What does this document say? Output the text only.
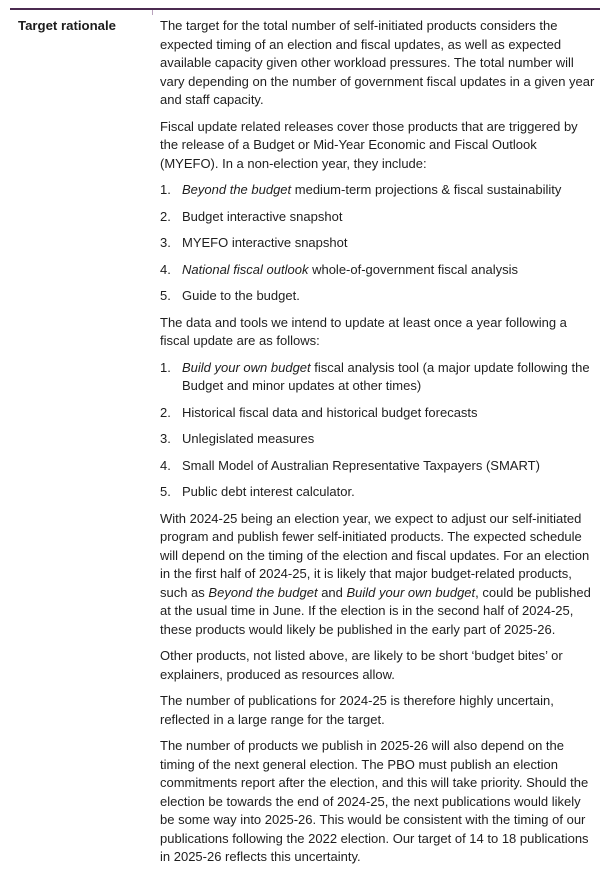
Target rationale	The target for the total number of self-initiated products considers the expected timing of an election and fiscal updates, as well as expected available capacity given other workload pressures. The total number will vary depending on the number of government fiscal updates in a given year and staff capacity.

Fiscal update related releases cover those products that are triggered by the release of a Budget or Mid-Year Economic and Fiscal Outlook (MYEFO). In a non-election year, they include:

1. Beyond the budget medium-term projections & fiscal sustainability
2. Budget interactive snapshot
3. MYEFO interactive snapshot
4. National fiscal outlook whole-of-government fiscal analysis
5. Guide to the budget.

The data and tools we intend to update at least once a year following a fiscal update are as follows:

1. Build your own budget fiscal analysis tool (a major update following the Budget and minor updates at other times)
2. Historical fiscal data and historical budget forecasts
3. Unlegislated measures
4. Small Model of Australian Representative Taxpayers (SMART)
5. Public debt interest calculator.

With 2024-25 being an election year, we expect to adjust our self-initiated program and publish fewer self-initiated products. The expected schedule will depend on the timing of the election and fiscal updates. For an election in the first half of 2024-25, it is likely that major budget-related products, such as Beyond the budget and Build your own budget, could be published at the usual time in June. If the election is in the second half of 2024-25, these products would likely be published in the early part of 2025-26.

Other products, not listed above, are likely to be short ‘budget bites’ or explainers, produced as resources allow.

The number of publications for 2024-25 is therefore highly uncertain, reflected in a large range for the target.

The number of products we publish in 2025-26 will also depend on the timing of the next general election. The PBO must publish an election commitments report after the election, and this will take priority. Should the election be towards the end of 2024-25, the next publications would likely be some way into 2025-26. This would be consistent with the timing of our publications following the 2022 election. Our target of 14 to 18 publications in 2025-26 reflects this uncertainty.
